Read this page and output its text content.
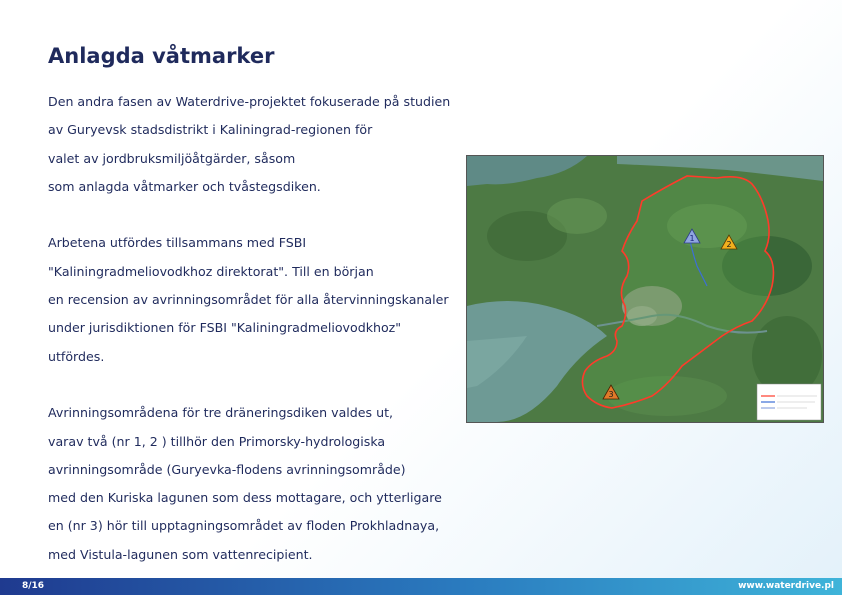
Anlagda våtmarker
Den andra fasen av Waterdrive-projektet fokuserade på studien
av Guryevsk stadsdistrikt i Kaliningrad-regionen för
valet av jordbruksmiljöåtgärder, såsom
som anlagda våtmarker och tvåstegsdiken.
Arbetena utfördes tillsammans med FSBI
"Kaliningradmeliovodkhoz direktorat". Till en början
en recension av avrinningsområdet för alla återvinningskanaler
under jurisdiktionen för FSBI "Kaliningradmeliovodkhoz"
utfördes.
Avrinningsområdena för tre dräneringsdiken valdes ut,
varav två (nr 1, 2 ) tillhör den Primorsky-hydrologiska
avrinningsområde (Guryevka-flodens avrinningsområde)
med den Kuriska lagunen som dess mottagare, och ytterligare
en (nr 3) hör till upptagningsområdet av floden Prokhladnaya,
med Vistula-lagunen som vattenrecipient.
1
2
3
8/16	www.waterdrive.pl
